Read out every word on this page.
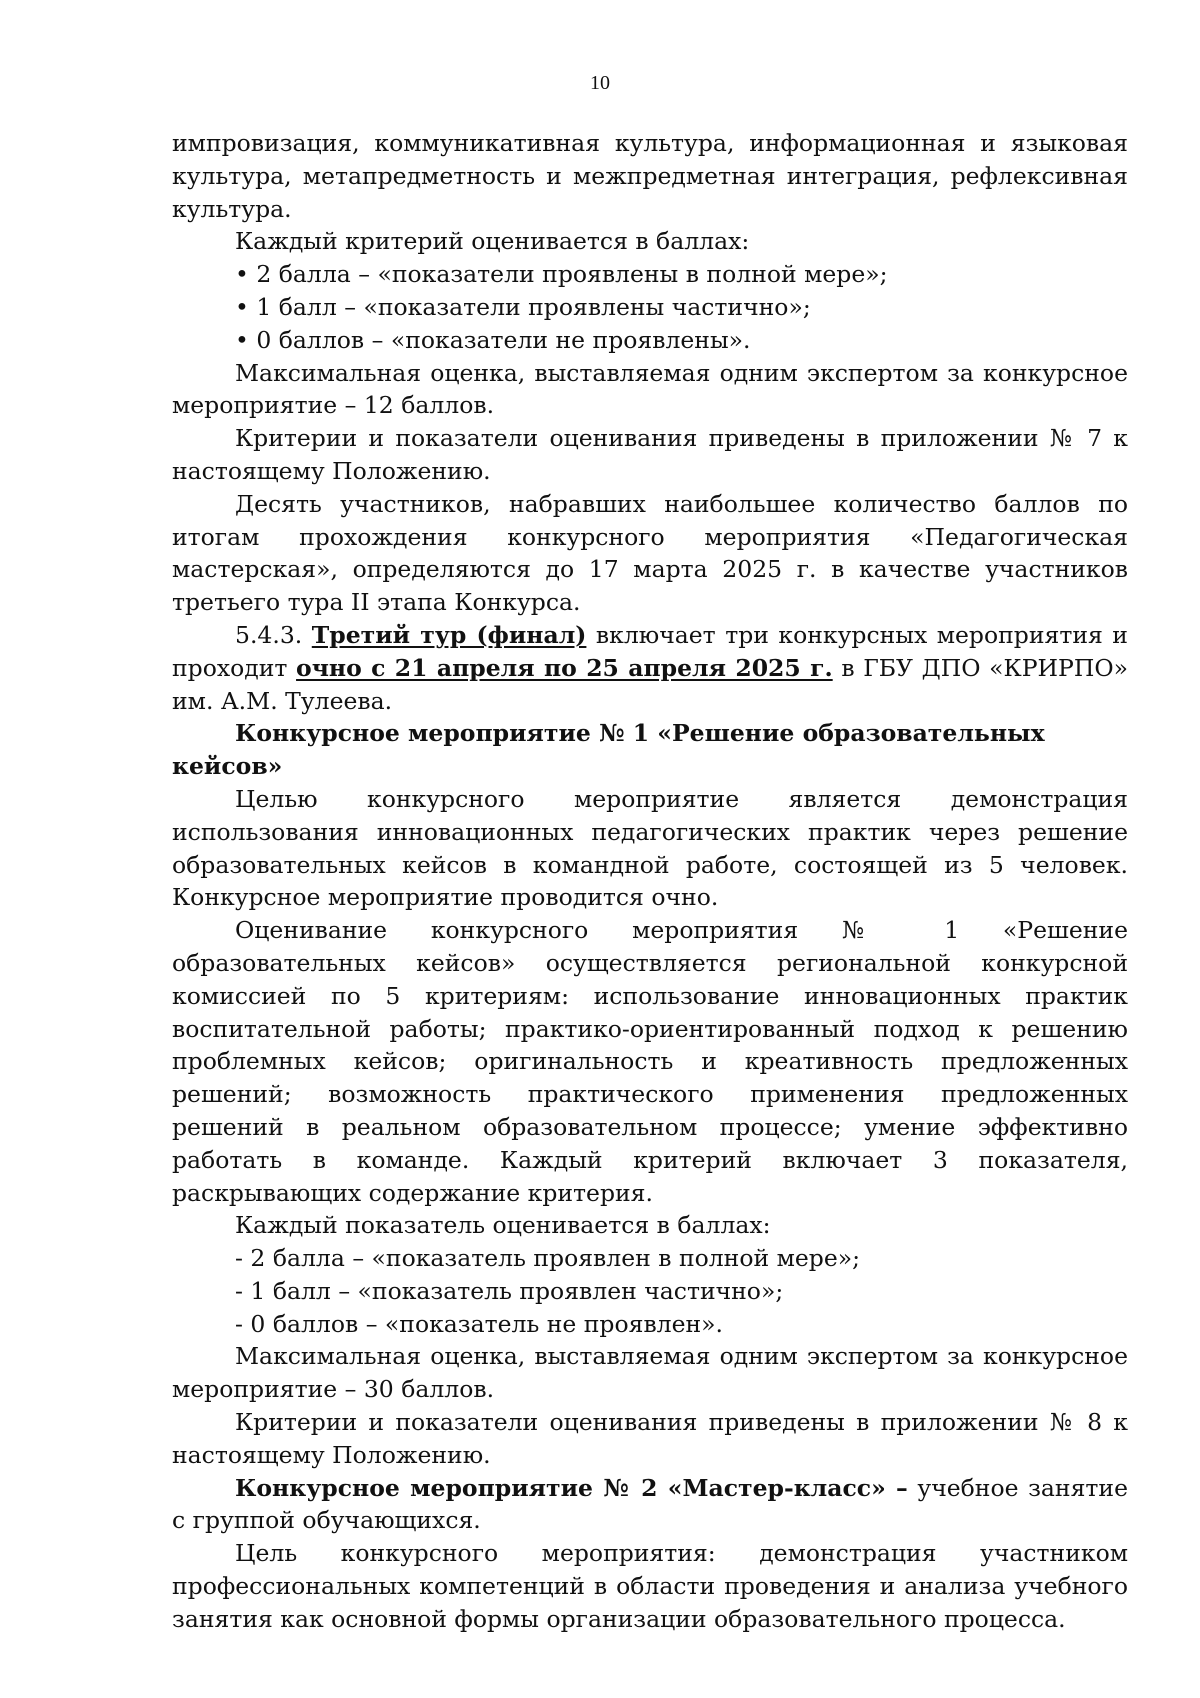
10

импровизация, коммуникативная культура, информационная и языковая культура, метапредметность и межпредметная интеграция, рефлексивная культура.

Каждый критерий оценивается в баллах:

• 2 балла – «показатели проявлены в полной мере»;

• 1 балл – «показатели проявлены частично»;

• 0 баллов – «показатели не проявлены».

Максимальная оценка, выставляемая одним экспертом за конкурсное мероприятие – 12 баллов.

Критерии и показатели оценивания приведены в приложении № 7 к настоящему Положению.

Десять участников, набравших наибольшее количество баллов по итогам прохождения конкурсного мероприятия «Педагогическая мастерская», определяются до 17 марта 2025 г. в качестве участников третьего тура II этапа Конкурса.

5.4.3. Третий тур (финал) включает три конкурсных мероприятия и проходит очно с 21 апреля по 25 апреля 2025 г. в ГБУ ДПО «КРИРПО» им. А.М. Тулеева.

Конкурсное мероприятие № 1 «Решение образовательных кейсов»

Целью конкурсного мероприятие является демонстрация использования инновационных педагогических практик через решение образовательных кейсов в командной работе, состоящей из 5 человек. Конкурсное мероприятие проводится очно.

Оценивание конкурсного мероприятия № 1 «Решение образовательных кейсов» осуществляется региональной конкурсной комиссией по 5 критериям: использование инновационных практик воспитательной работы; практико-ориентированный подход к решению проблемных кейсов; оригинальность и креативность предложенных решений; возможность практического применения предложенных решений в реальном образовательном процессе; умение эффективно работать в команде. Каждый критерий включает 3 показателя, раскрывающих содержание критерия.

Каждый показатель оценивается в баллах:

- 2 балла – «показатель проявлен в полной мере»;

- 1 балл – «показатель проявлен частично»;

- 0 баллов – «показатель не проявлен».

Максимальная оценка, выставляемая одним экспертом за конкурсное мероприятие – 30 баллов.

Критерии и показатели оценивания приведены в приложении № 8 к настоящему Положению.

Конкурсное мероприятие № 2 «Мастер-класс» – учебное занятие с группой обучающихся.

Цель конкурсного мероприятия: демонстрация участником профессиональных компетенций в области проведения и анализа учебного занятия как основной формы организации образовательного процесса.
